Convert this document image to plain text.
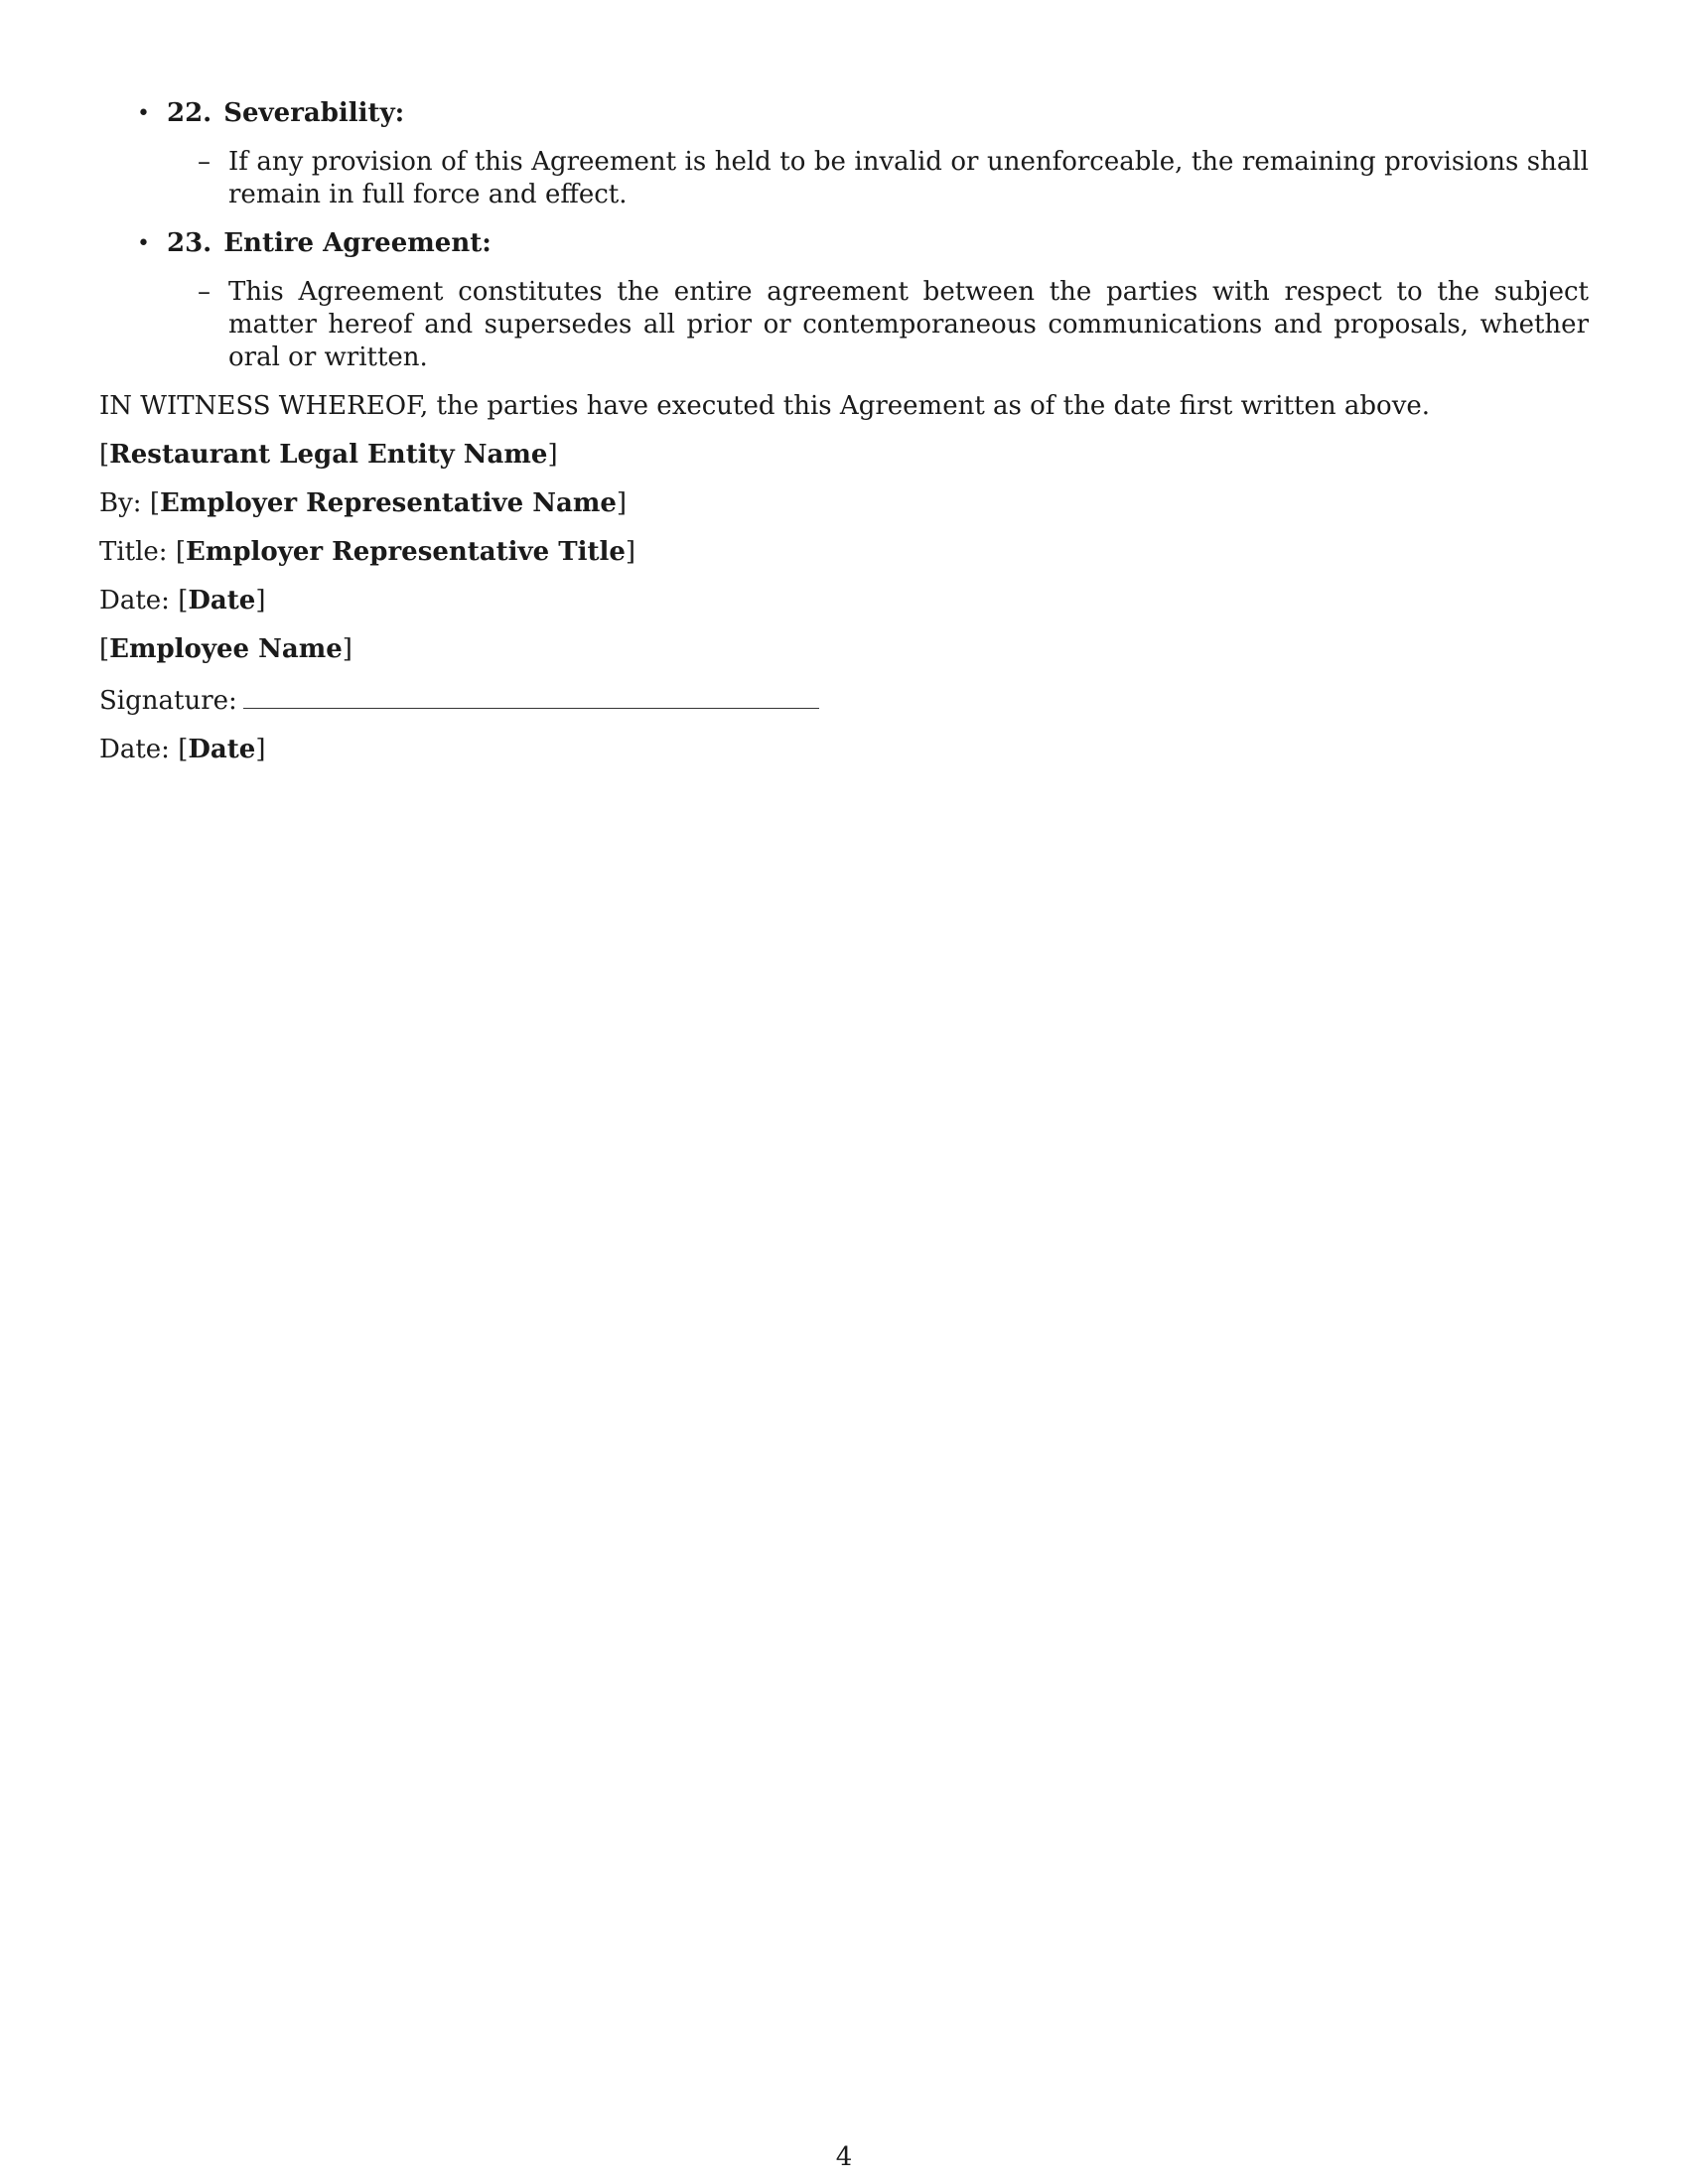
• 22. Severability:
– If any provision of this Agreement is held to be invalid or unenforceable, the remaining provisions shall remain in full force and effect.
• 23. Entire Agreement:
– This Agreement constitutes the entire agreement between the parties with respect to the subject matter hereof and supersedes all prior or contemporaneous communications and proposals, whether oral or written.

IN WITNESS WHEREOF, the parties have executed this Agreement as of the date first written above.

[Restaurant Legal Entity Name]

By: [Employer Representative Name]

Title: [Employer Representative Title]

Date: [Date]

[Employee Name]

Signature:

Date: [Date]

4
